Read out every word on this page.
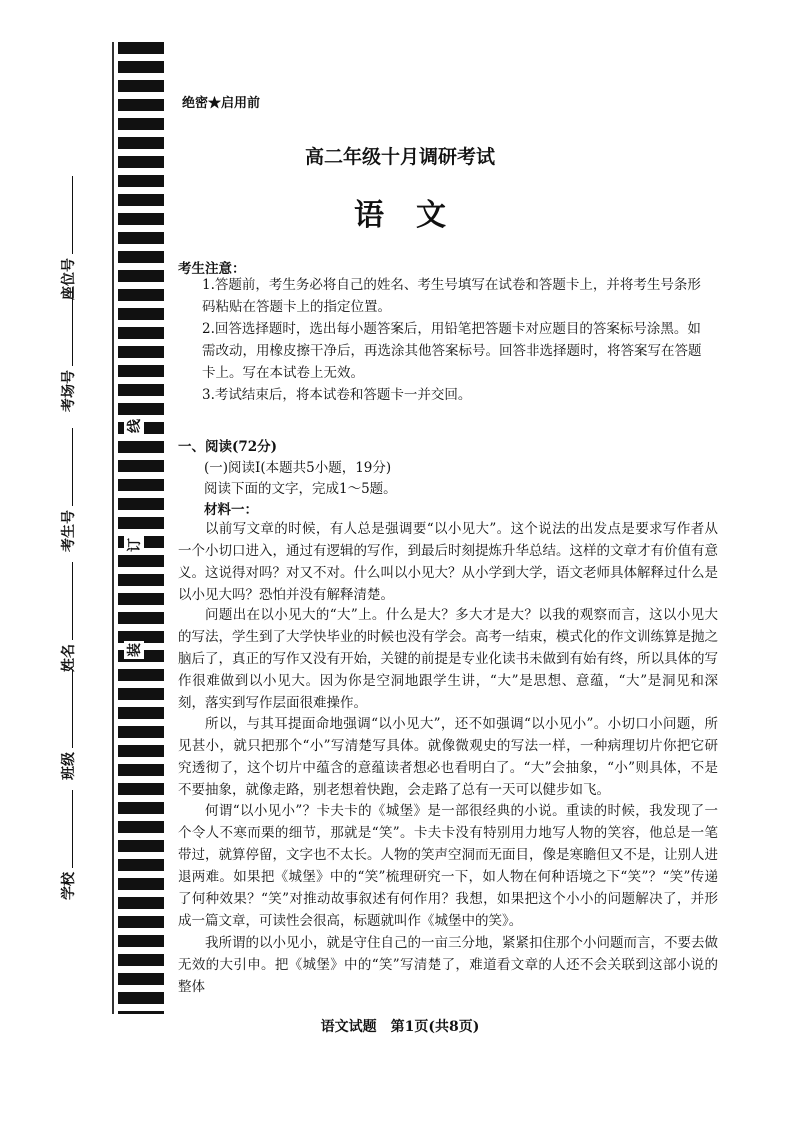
线
订
装
学校
班级
姓名
考生号
考场号
座位号
绝密★启用前
高二年级十月调研考试
语文
考生注意：
1.答题前，考生务必将自己的姓名、考生号填写在试卷和答题卡上，并将考生号条形码粘贴在答题卡上的指定位置。
2.回答选择题时，选出每小题答案后，用铅笔把答题卡对应题目的答案标号涂黑。如需改动，用橡皮擦干净后，再选涂其他答案标号。回答非选择题时，将答案写在答题卡上。写在本试卷上无效。
3.考试结束后，将本试卷和答题卡一并交回。
一、阅读(72分)
(一)阅读Ⅰ(本题共5小题，19分)
阅读下面的文字，完成1～5题。
材料一：
以前写文章的时候，有人总是强调要“以小见大”。这个说法的出发点是要求写作者从一个小切口进入，通过有逻辑的写作，到最后时刻提炼升华总结。这样的文章才有价值有意义。这说得对吗？对又不对。什么叫以小见大？从小学到大学，语文老师具体解释过什么是以小见大吗？恐怕并没有解释清楚。
问题出在以小见大的“大”上。什么是大？多大才是大？以我的观察而言，这以小见大的写法，学生到了大学快毕业的时候也没有学会。高考一结束，模式化的作文训练算是抛之脑后了，真正的写作又没有开始，关键的前提是专业化读书未做到有始有终，所以具体的写作很难做到以小见大。因为你是空洞地跟学生讲，“大”是思想、意蕴，“大”是洞见和深刻，落实到写作层面很难操作。
所以，与其耳提面命地强调“以小见大”，还不如强调“以小见小”。小切口小问题，所见甚小，就只把那个“小”写清楚写具体。就像微观史的写法一样，一种病理切片你把它研究透彻了，这个切片中蕴含的意蕴读者想必也看明白了。“大”会抽象，“小”则具体，不是不要抽象，就像走路，别老想着快跑，会走路了总有一天可以健步如飞。
何谓“以小见小”？卡夫卡的《城堡》是一部很经典的小说。重读的时候，我发现了一个令人不寒而栗的细节，那就是“笑”。卡夫卡没有特别用力地写人物的笑容，他总是一笔带过，就算停留，文字也不太长。人物的笑声空洞而无面目，像是寒瞻但又不是，让别人进退两难。如果把《城堡》中的“笑”梳理研究一下，如人物在何种语境之下“笑”？“笑”传递了何种效果？“笑”对推动故事叙述有何作用？我想，如果把这个小小的问题解决了，并形成一篇文章，可读性会很高，标题就叫作《城堡中的笑》。
我所谓的以小见小，就是守住自己的一亩三分地，紧紧扣住那个小问题而言，不要去做无效的大引申。把《城堡》中的“笑”写清楚了，难道看文章的人还不会关联到这部小说的整体
语文试题　第1页(共8页)
